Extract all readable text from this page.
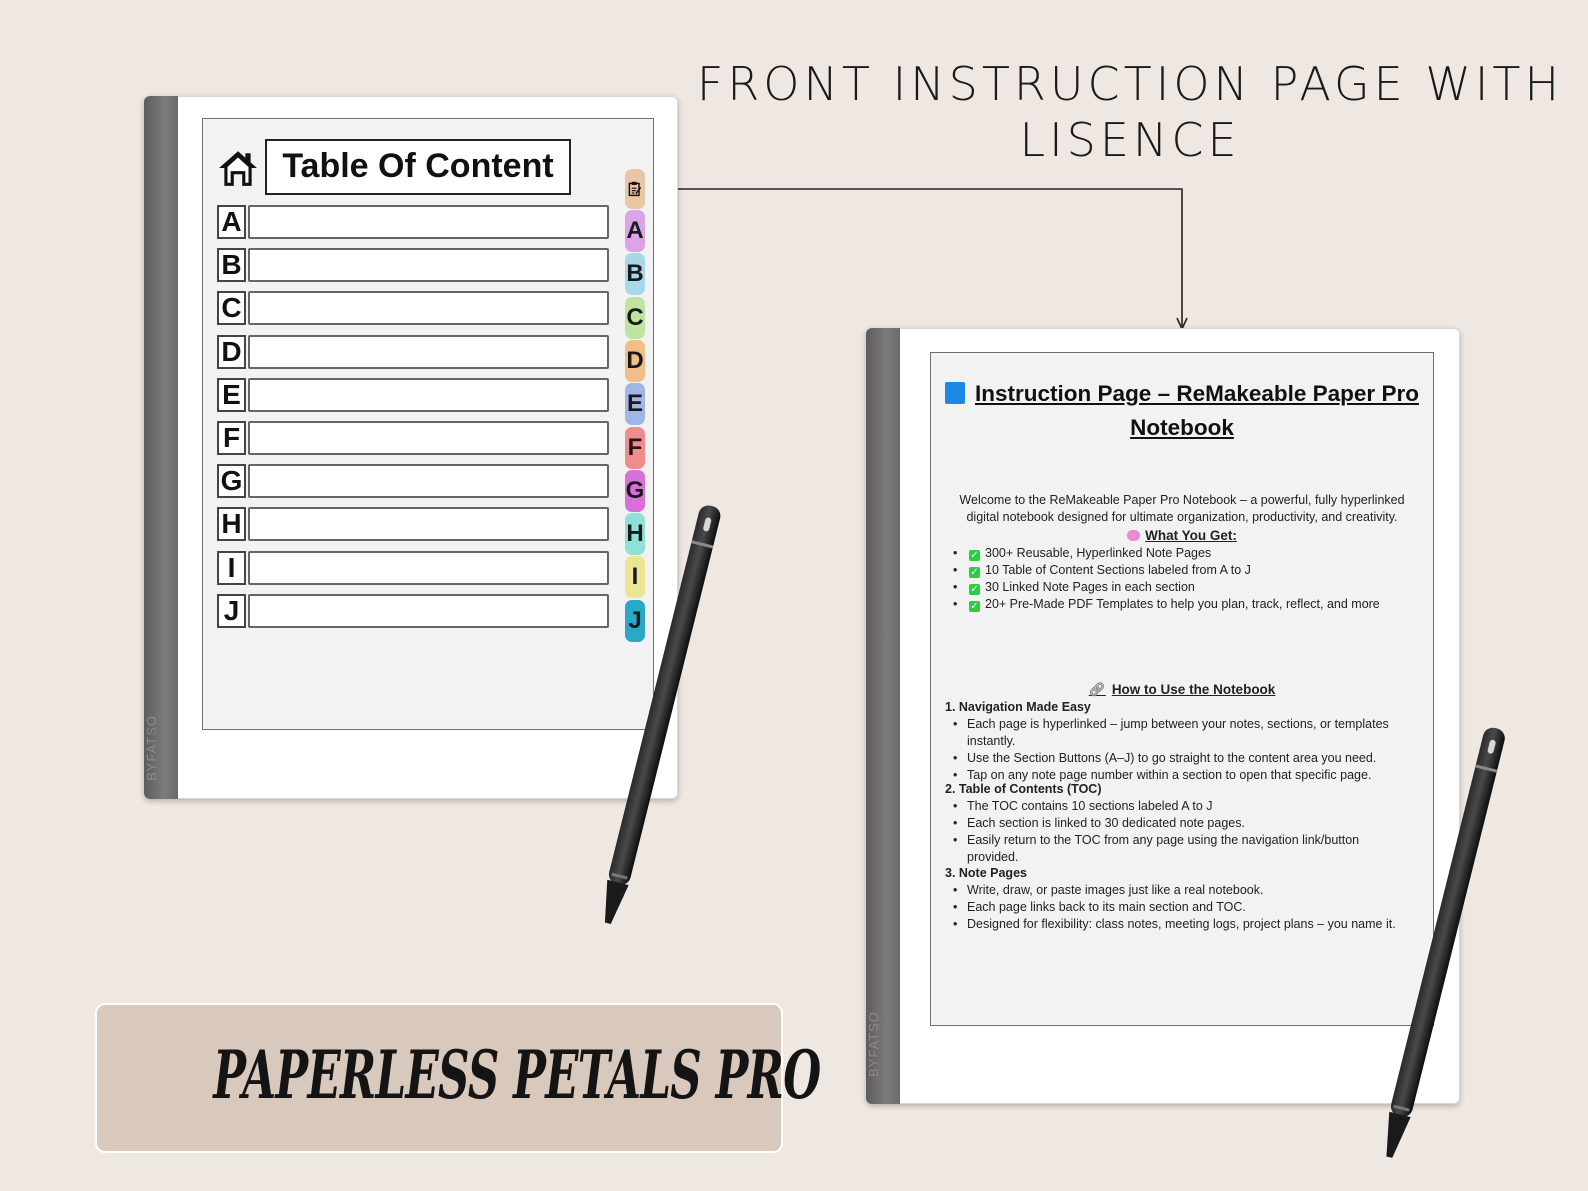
FRONT INSTRUCTION PAGE WITH
LISENCE
BYFATSO
Table Of Content
A
B
C
D
E
F
G
H
I
J
A
B
C
D
E
F
G
H
I
J
BYFATSO
Instruction Page – ReMakeable Paper Pro Notebook
Welcome to the ReMakeable Paper Pro Notebook – a powerful, fully hyperlinked digital notebook designed for ultimate organization, productivity, and creativity.
What You Get:
• ✓ 300+ Reusable, Hyperlinked Note Pages
• ✓ 10 Table of Content Sections labeled from A to J
• ✓ 30 Linked Note Pages in each section
• ✓ 20+ Pre-Made PDF Templates to help you plan, track, reflect, and more
🔗︎ How to Use the Notebook
1. Navigation Made Easy
• Each page is hyperlinked – jump between your notes, sections, or templates instantly.
• Use the Section Buttons (A–J) to go straight to the content area you need.
• Tap on any note page number within a section to open that specific page.
2. Table of Contents (TOC)
• The TOC contains 10 sections labeled A to J
• Each section is linked to 30 dedicated note pages.
• Easily return to the TOC from any page using the navigation link/button provided.
3. Note Pages
• Write, draw, or paste images just like a real notebook.
• Each page links back to its main section and TOC.
• Designed for flexibility: class notes, meeting logs, project plans – you name it.
PAPERLESS PETALS PRO
